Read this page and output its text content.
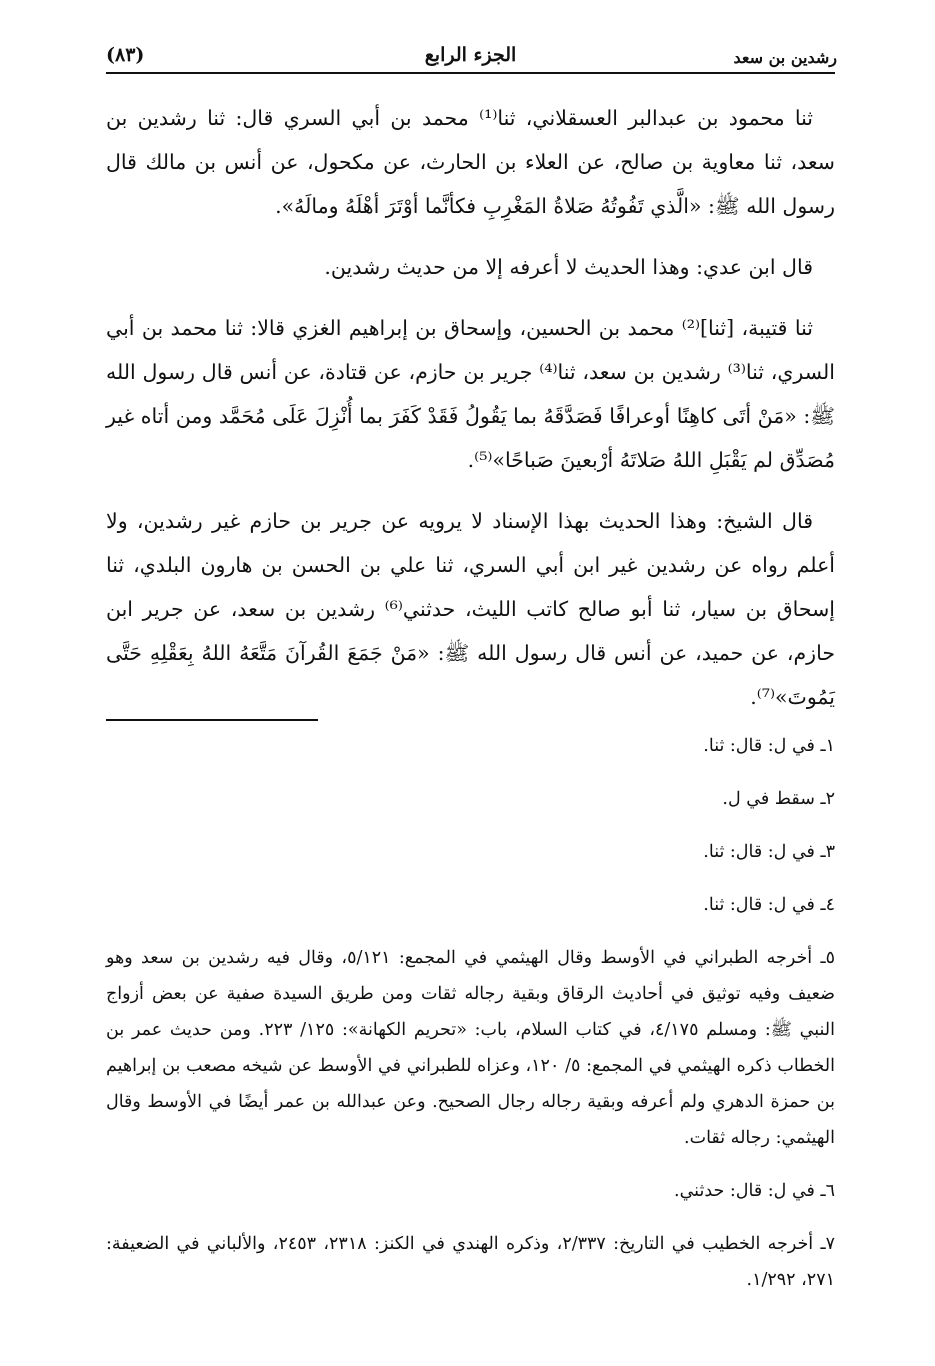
رشدين بن سعد
الجزء الرابع
(٨٣)

ثنا محمود بن عبدالبر العسقلاني، ثنا⁽¹⁾ محمد بن أبي السري قال: ثنا رشدين بن سعد، ثنا معاوية بن صالح، عن العلاء بن الحارث، عن مكحول، عن أنس بن مالك قال رسول الله ﷺ: «الَّذي تَفُوتُهُ صَلاةُ المَغْرِبِ فكأنَّما أوْتَرَ أهْلَهُ ومالَهُ».

قال ابن عدي: وهذا الحديث لا أعرفه إلا من حديث رشدين.

ثنا قتيبة، [ثنا]⁽²⁾ محمد بن الحسين، وإسحاق بن إبراهيم الغزي قالا: ثنا محمد بن أبي السري، ثنا⁽³⁾ رشدين بن سعد، ثنا⁽⁴⁾ جرير بن حازم، عن قتادة، عن أنس قال رسول الله ﷺ: «مَنْ أتَى كاهِنًا أوعرافًا فَصَدَّقَهُ بما يَقُولُ فَقَدْ كَفَرَ بما أُنْزِلَ عَلَى مُحَمَّد ومن أتاه غير مُصَدِّق لم يَقْبَلِ اللهُ صَلاتَهُ أرْبعينَ صَباحًا»⁽⁵⁾.

قال الشيخ: وهذا الحديث بهذا الإسناد لا يرويه عن جرير بن حازم غير رشدين، ولا أعلم رواه عن رشدين غير ابن أبي السري، ثنا علي بن الحسن بن هارون البلدي، ثنا إسحاق بن سيار، ثنا أبو صالح كاتب الليث، حدثني⁽⁶⁾ رشدين بن سعد، عن جرير ابن حازم، عن حميد، عن أنس قال رسول الله ﷺ: «مَنْ جَمَعَ القُرآنَ مَتَّعَهُ اللهُ بِعَقْلِهِ حَتَّى يَمُوتَ»⁽⁷⁾.

١ـ في ل: قال: ثنا.

٢ـ سقط في ل.

٣ـ في ل: قال: ثنا.

٤ـ في ل: قال: ثنا.

٥ـ أخرجه الطبراني في الأوسط وقال الهيثمي في المجمع: ٥/١٢١، وقال فيه رشدين بن سعد وهو ضعيف وفيه توثيق في أحاديث الرقاق وبقية رجاله ثقات ومن طريق السيدة صفية عن بعض أزواج النبي ﷺ: ومسلم ٤/١٧٥، في كتاب السلام، باب: «تحريم الكهانة»: ١٢٥/ ٢٢٣. ومن حديث عمر بن الخطاب ذكره الهيثمي في المجمع: ٥/ ١٢٠، وعزاه للطبراني في الأوسط عن شيخه مصعب بن إبراهيم بن حمزة الدهري ولم أعرفه وبقية رجاله رجال الصحيح. وعن عبدالله بن عمر أيضًا في الأوسط وقال الهيثمي: رجاله ثقات.

٦ـ في ل: قال: حدثني.

٧ـ أخرجه الخطيب في التاريخ: ٢/٣٣٧، وذكره الهندي في الكنز: ٢٣١٨، ٢٤٥٣، والألباني في الضعيفة: ٢٧١، ١/٢٩٢.
